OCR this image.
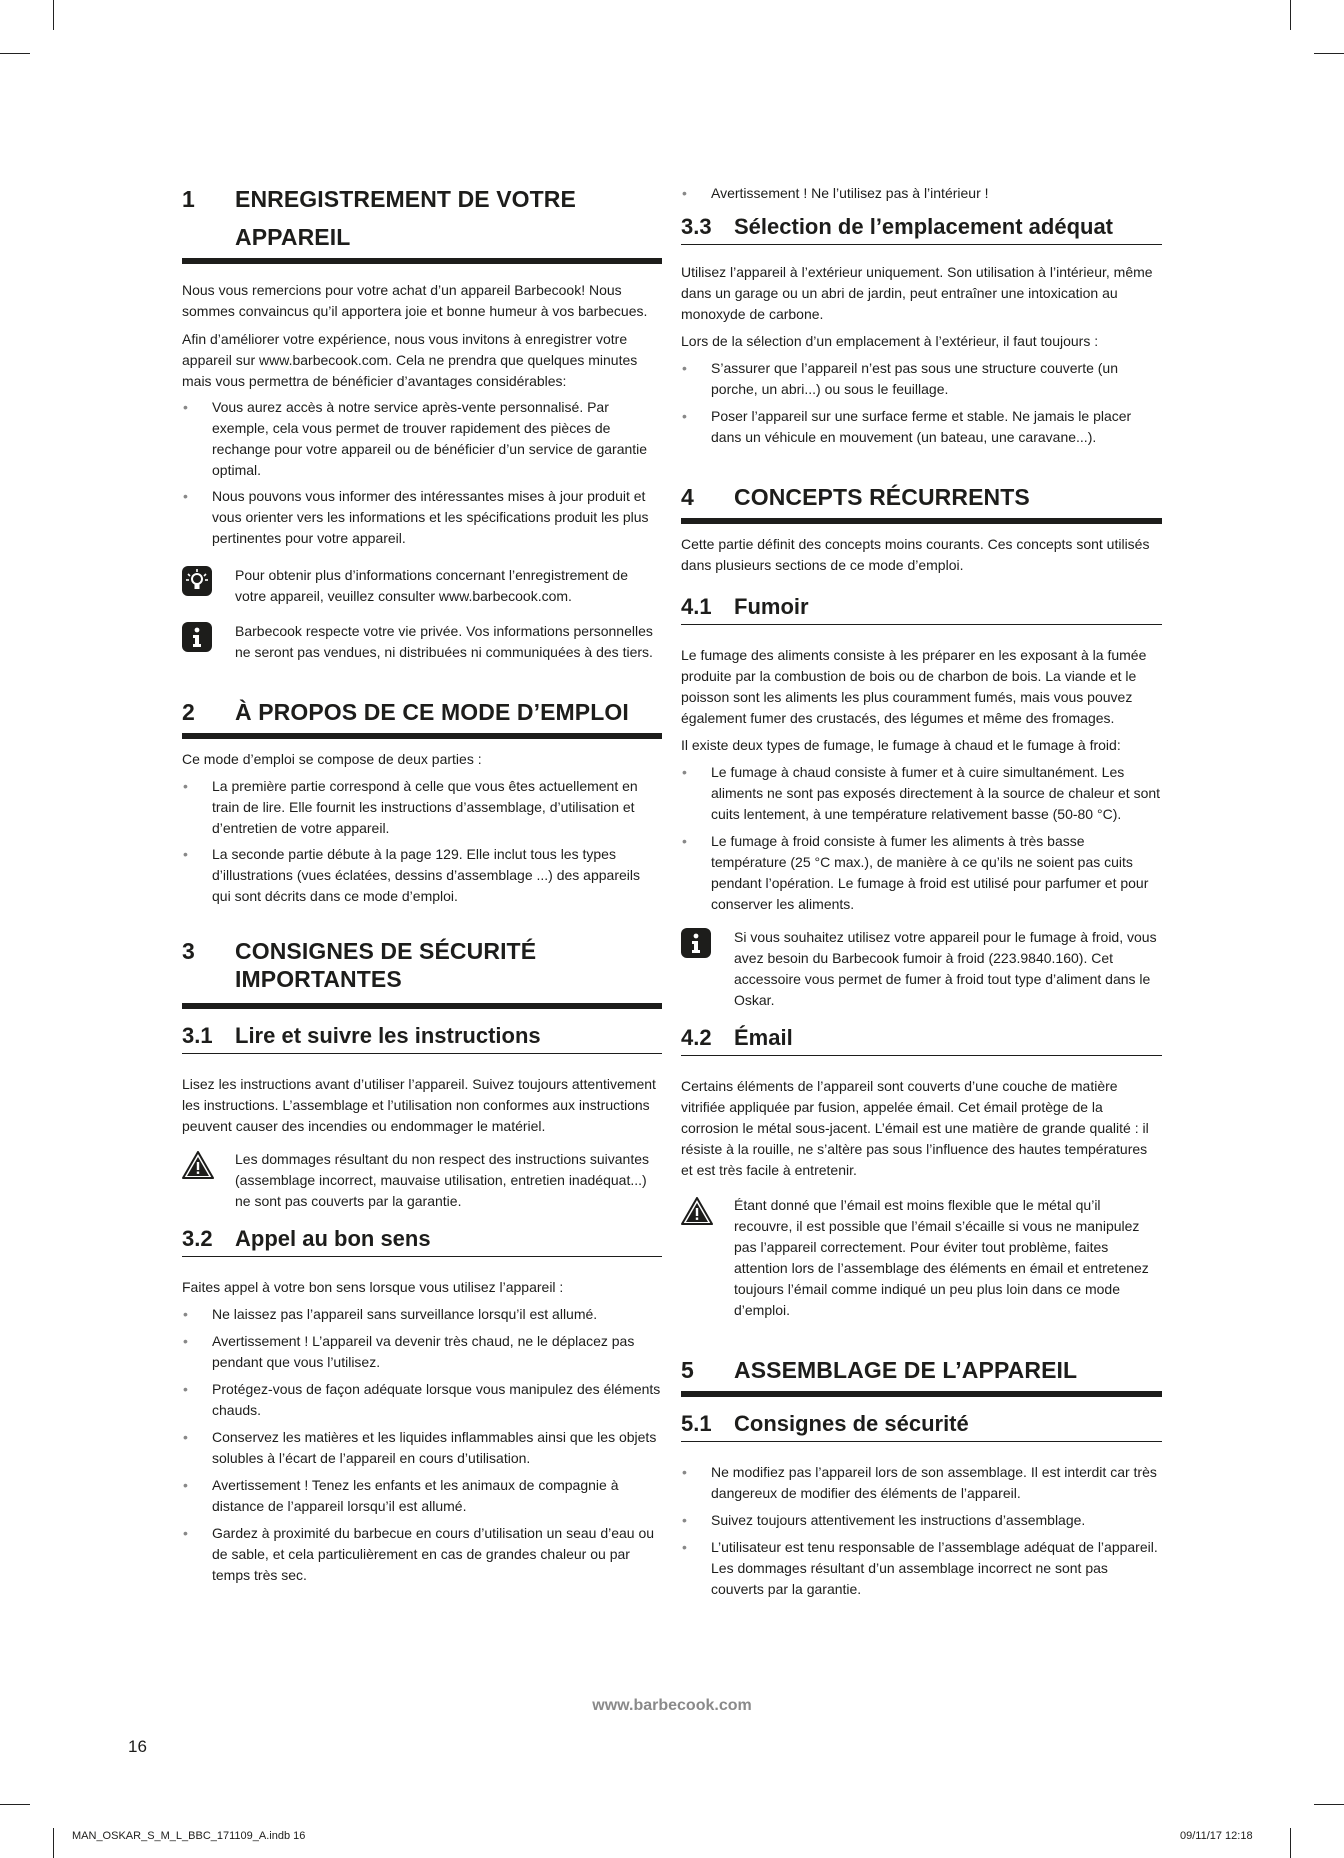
1	ENREGISTREMENT DE VOTRE
APPAREIL

Nous vous remercions pour votre achat d’un appareil Barbecook! Nous sommes convaincus qu’il apportera joie et bonne humeur à vos barbecues.

Afin d’améliorer votre expérience, nous vous invitons à enregistrer votre appareil sur www.barbecook.com. Cela ne prendra que quelques minutes mais vous permettra de bénéficier d’avantages considérables:

•	Vous aurez accès à notre service après-vente personnalisé. Par exemple, cela vous permet de trouver rapidement des pièces de rechange pour votre appareil ou de bénéficier d’un service de garantie optimal.
•	Nous pouvons vous informer des intéressantes mises à jour produit et vous orienter vers les informations et les spécifications produit les plus pertinentes pour votre appareil.
Pour obtenir plus d’informations concernant l’enregistrement de votre appareil, veuillez consulter www.barbecook.com.
Barbecook respecte votre vie privée. Vos informations personnelles ne seront pas vendues, ni distribuées ni communiquées à des tiers.
2	À PROPOS DE CE MODE D’EMPLOI

Ce mode d’emploi se compose de deux parties :

•	La première partie correspond à celle que vous êtes actuellement en train de lire. Elle fournit les instructions d’assemblage, d’utilisation et d’entretien de votre appareil.
•	La seconde partie débute à la page 129. Elle inclut tous les types d’illustrations (vues éclatées, dessins d’assemblage ...) des appareils qui sont décrits dans ce mode d’emploi.
3	CONSIGNES DE SÉCURITÉ
IMPORTANTES
3.1	Lire et suivre les instructions

Lisez les instructions avant d’utiliser l’appareil. Suivez toujours attentivement les instructions. L’assemblage et l’utilisation non conformes aux instructions peuvent causer des incendies ou endommager le matériel.

Les dommages résultant du non respect des instructions suivantes (assemblage incorrect, mauvaise utilisation, entretien inadéquat...) ne sont pas couverts par la garantie.
3.2	Appel au bon sens

Faites appel à votre bon sens lorsque vous utilisez l’appareil :

•	Ne laissez pas l’appareil sans surveillance lorsqu’il est allumé.
•	Avertissement ! L’appareil va devenir très chaud, ne le déplacez pas pendant que vous l’utilisez.
•	Protégez-vous de façon adéquate lorsque vous manipulez des éléments chauds.
•	Conservez les matières et les liquides inflammables ainsi que les objets solubles à l’écart de l’appareil en cours d’utilisation.
•	Avertissement ! Tenez les enfants et les animaux de compagnie à distance de l’appareil lorsqu’il est allumé.
•	Gardez à proximité du barbecue en cours d’utilisation un seau d’eau ou de sable, et cela particulièrement en cas de grandes chaleur ou par temps très sec.
•	Avertissement ! Ne l’utilisez pas à l’intérieur !
3.3	Sélection de l’emplacement adéquat

Utilisez l’appareil à l’extérieur uniquement. Son utilisation à l’intérieur, même dans un garage ou un abri de jardin, peut entraîner une intoxication au monoxyde de carbone.

Lors de la sélection d’un emplacement à l’extérieur, il faut toujours :

•	S’assurer que l’appareil n’est pas sous une structure couverte (un porche, un abri...) ou sous le feuillage.
•	Poser l’appareil sur une surface ferme et stable. Ne jamais le placer dans un véhicule en mouvement (un bateau, une caravane...).
4	CONCEPTS RÉCURRENTS

Cette partie définit des concepts moins courants. Ces concepts sont utilisés dans plusieurs sections de ce mode d’emploi.

4.1	Fumoir

Le fumage des aliments consiste à les préparer en les exposant à la fumée produite par la combustion de bois ou de charbon de bois. La viande et le poisson sont les aliments les plus couramment fumés, mais vous pouvez également fumer des crustacés, des légumes et même des fromages.

Il existe deux types de fumage, le fumage à chaud et le fumage à froid:

•	Le fumage à chaud consiste à fumer et à cuire simultanément. Les aliments ne sont pas exposés directement à la source de chaleur et sont cuits lentement, à une température relativement basse (50-80 °C).
•	Le fumage à froid consiste à fumer les aliments à très basse température (25 °C max.), de manière à ce qu’ils ne soient pas cuits pendant l’opération. Le fumage à froid est utilisé pour parfumer et pour conserver les aliments.
Si vous souhaitez utilisez votre appareil pour le fumage à froid, vous avez besoin du Barbecook fumoir à froid (223.9840.160). Cet accessoire vous permet de fumer à froid tout type d’aliment dans le Oskar.
4.2	Émail

Certains éléments de l’appareil sont couverts d’une couche de matière vitrifiée appliquée par fusion, appelée émail. Cet émail protège de la corrosion le métal sous-jacent. L’émail est une matière de grande qualité : il résiste à la rouille, ne s’altère pas sous l’influence des hautes températures et est très facile à entretenir.

Étant donné que l’émail est moins flexible que le métal qu’il recouvre, il est possible que l’émail s’écaille si vous ne manipulez pas l’appareil correctement. Pour éviter tout problème, faites attention lors de l’assemblage des éléments en émail et entretenez toujours l’émail comme indiqué un peu plus loin dans ce mode d’emploi.
5	ASSEMBLAGE DE L’APPAREIL
5.1	Consignes de sécurité
•	Ne modifiez pas l’appareil lors de son assemblage. Il est interdit car très dangereux de modifier des éléments de l’appareil.
•	Suivez toujours attentivement les instructions d’assemblage.
•	L’utilisateur est tenu responsable de l’assemblage adéquat de l’appareil. Les dommages résultant d’un assemblage incorrect ne sont pas couverts par la garantie.
www.barbecook.com
16
MAN_OSKAR_S_M_L_BBC_171109_A.indb 16	09/11/17 12:18
